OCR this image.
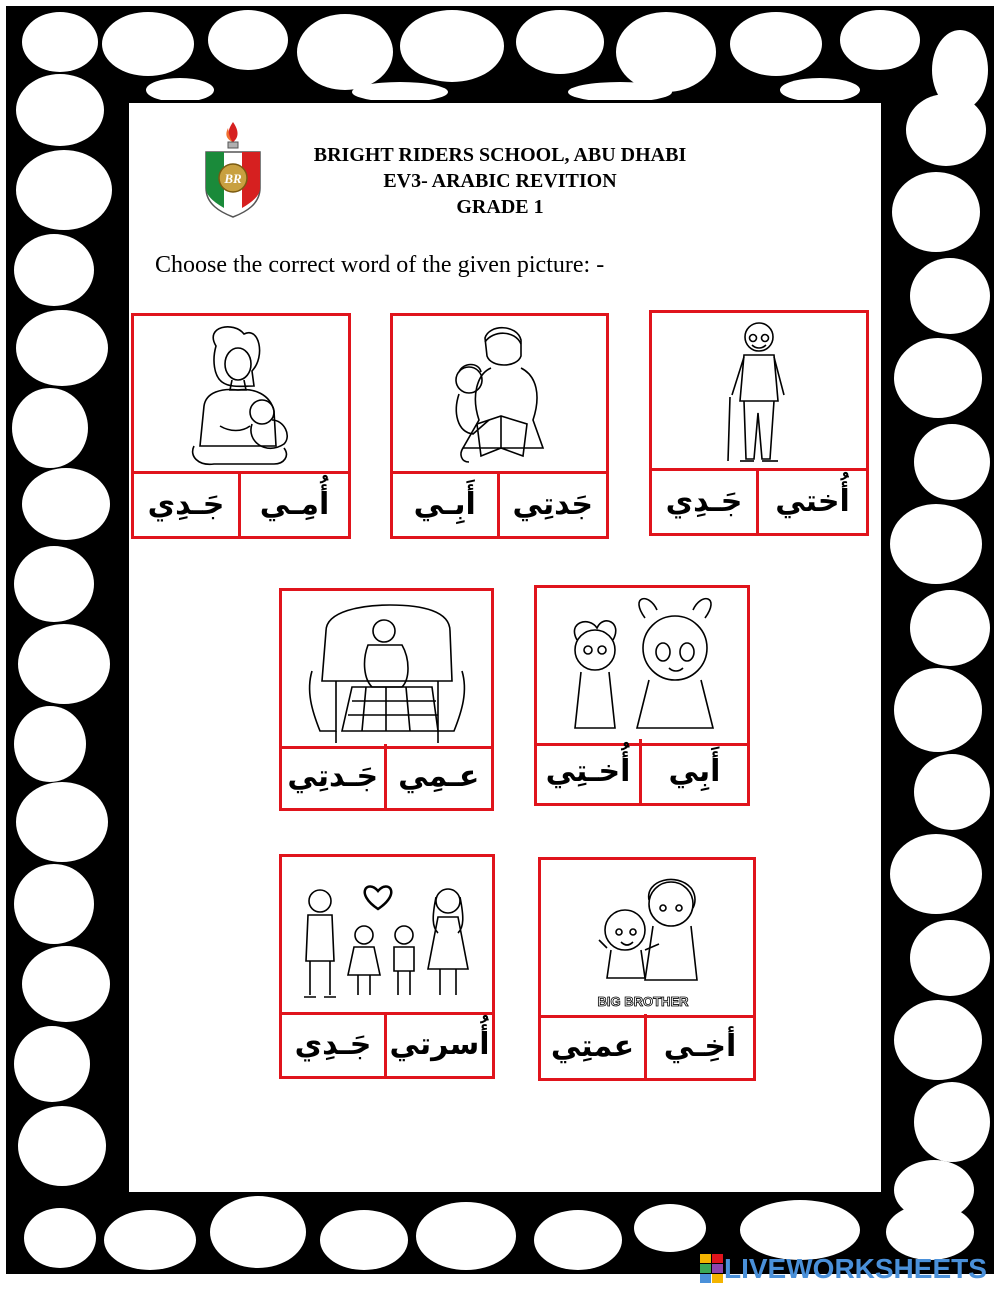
BR
BRIGHT RIDERS SCHOOL, ABU DHABI
EV3- ARABIC REVITION
GRADE 1
Choose the correct word of the given picture: -
جَـدِي	أُمِـي	أَبِـي	جَدتِي	جَـدِي	أُختي
جَـدتِي عـمِي	أُخـتِي	أَبِي
جَـدِي أُسرتي
BIG BROTHER
عمتِي أخِـي
LIVEWORKSHEETS
